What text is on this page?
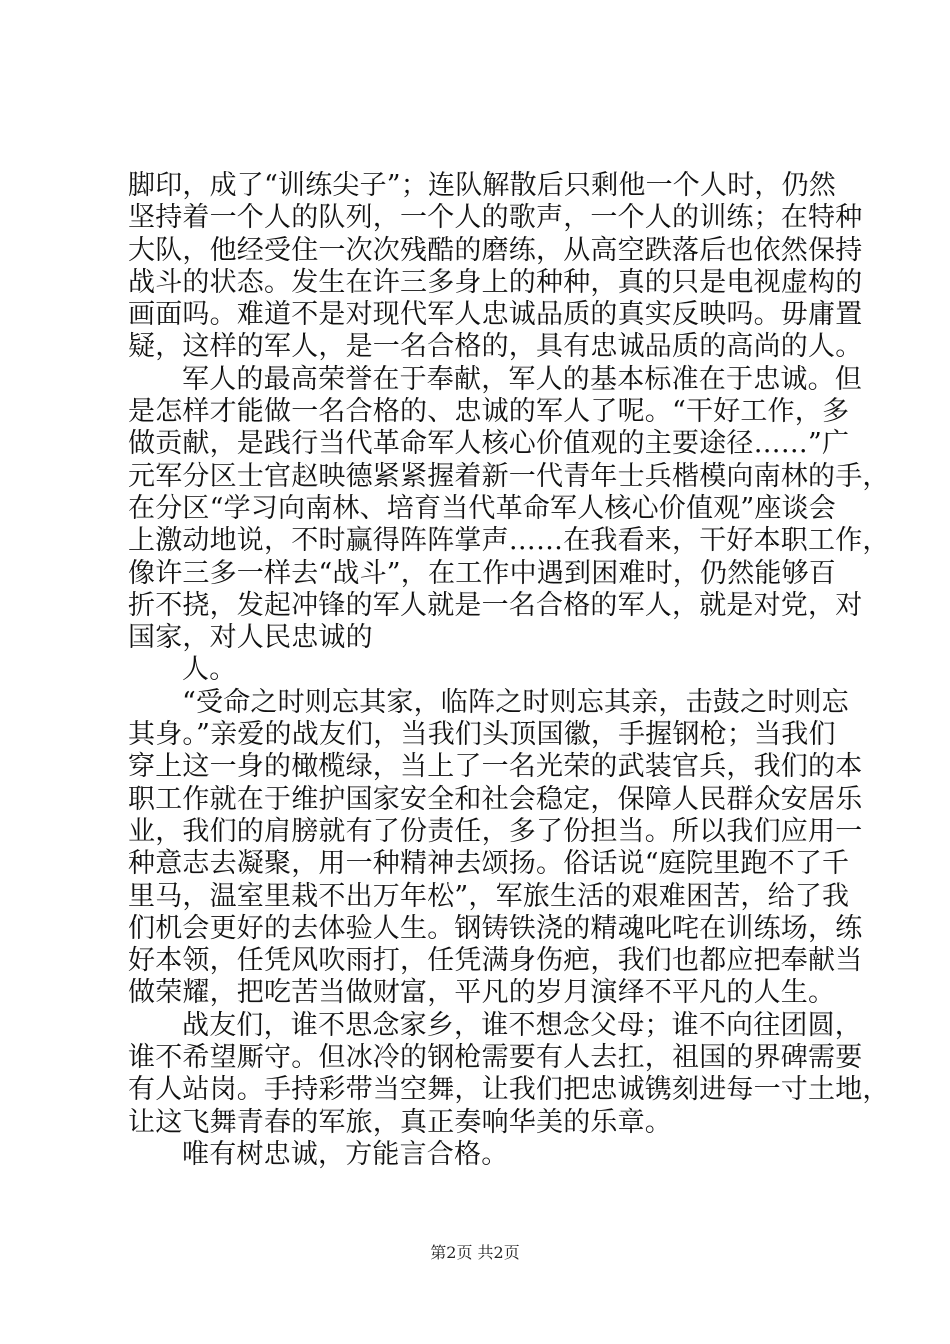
脚印，成了“训练尖子”；连队解散后只剩他一个人时，仍然
坚持着一个人的队列，一个人的歌声，一个人的训练；在特种
大队，他经受住一次次残酷的磨练，从高空跌落后也依然保持
战斗的状态。发生在许三多身上的种种，真的只是电视虚构的
画面吗。难道不是对现代军人忠诚品质的真实反映吗。毋庸置
疑，这样的军人，是一名合格的，具有忠诚品质的高尚的人。
军人的最高荣誉在于奉献，军人的基本标准在于忠诚。但
是怎样才能做一名合格的、忠诚的军人了呢。“干好工作，多
做贡献，是践行当代革命军人核心价值观的主要途径……”广
元军分区士官赵映德紧紧握着新一代青年士兵楷模向南林的手，
在分区“学习向南林、培育当代革命军人核心价值观”座谈会
上激动地说，不时赢得阵阵掌声……在我看来，干好本职工作，
像许三多一样去“战斗”，在工作中遇到困难时，仍然能够百
折不挠，发起冲锋的军人就是一名合格的军人，就是对党，对
国家，对人民忠诚的
人。
“受命之时则忘其家，临阵之时则忘其亲，击鼓之时则忘
其身。”亲爱的战友们，当我们头顶国徽，手握钢枪；当我们
穿上这一身的橄榄绿，当上了一名光荣的武装官兵，我们的本
职工作就在于维护国家安全和社会稳定，保障人民群众安居乐
业，我们的肩膀就有了份责任，多了份担当。所以我们应用一
种意志去凝聚，用一种精神去颂扬。俗话说“庭院里跑不了千
里马，温室里栽不出万年松”，军旅生活的艰难困苦，给了我
们机会更好的去体验人生。钢铸铁浇的精魂叱咤在训练场，练
好本领，任凭风吹雨打，任凭满身伤疤，我们也都应把奉献当
做荣耀，把吃苦当做财富，平凡的岁月演绎不平凡的人生。
战友们，谁不思念家乡，谁不想念父母；谁不向往团圆，
谁不希望厮守。但冰冷的钢枪需要有人去扛，祖国的界碑需要
有人站岗。手持彩带当空舞，让我们把忠诚镌刻进每一寸土地，
让这飞舞青春的军旅，真正奏响华美的乐章。
唯有树忠诚，方能言合格。
第2页 共2页
